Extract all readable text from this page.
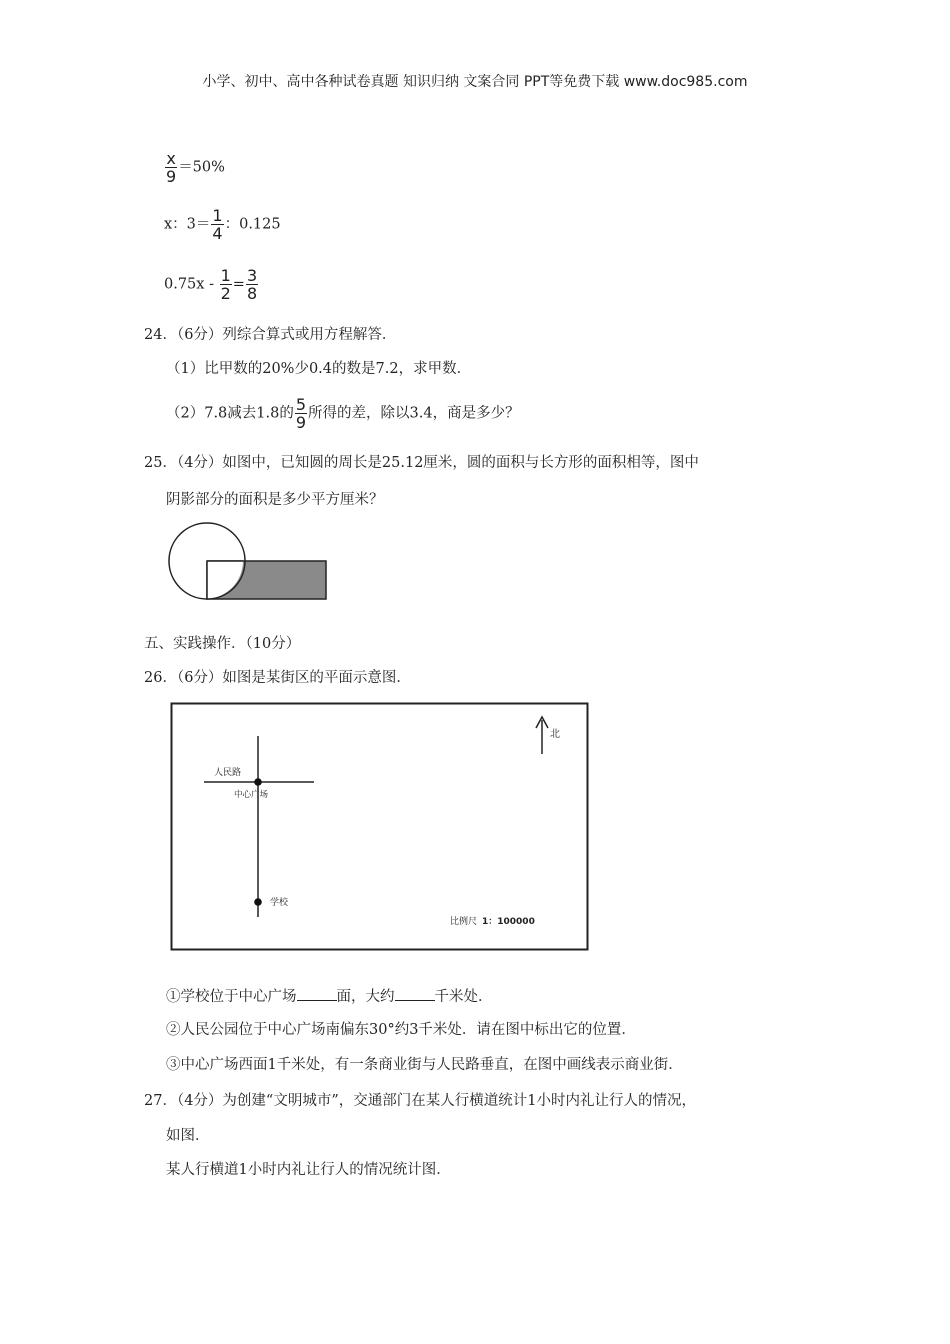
小学、初中、高中各种试卷真题 知识归纳 文案合同 PPT等免费下载 www.doc985.com
$\frac{x}{9} =50\%$
x：$3= \frac{1}{4}$ ：0.125
$0.75x - \frac{1}{2} = \frac{3}{8}$
24．（6分）列综合算式或用方程解答．
（1）比甲数的20%少0.4的数是7.2，求甲数．
（2）7.8减去1.8的 $\frac{5}{9}$ 所得的差，除以3.4，商是多少？
25．（4分）如图中，已知圆的周长是25.12厘米，圆的面积与长方形的面积相等，图中
阴影部分的面积是多少平方厘米？
五、实践操作．（10分）
26．（6分）如图是某街区的平面示意图．
北
人民路
中心广场
学校
比例尺 1：100000
①学校位于中心广场	面，大约	千米处．
②人民公园位于中心广场南偏东30°约3千米处．请在图中标出它的位置．
③中心广场西面1千米处，有一条商业街与人民路垂直，在图中画线表示商业街．
27．（4分）为创建“文明城市”，交通部门在某人行横道统计1小时内礼让行人的情况，
如图．
某人行横道1小时内礼让行人的情况统计图．
